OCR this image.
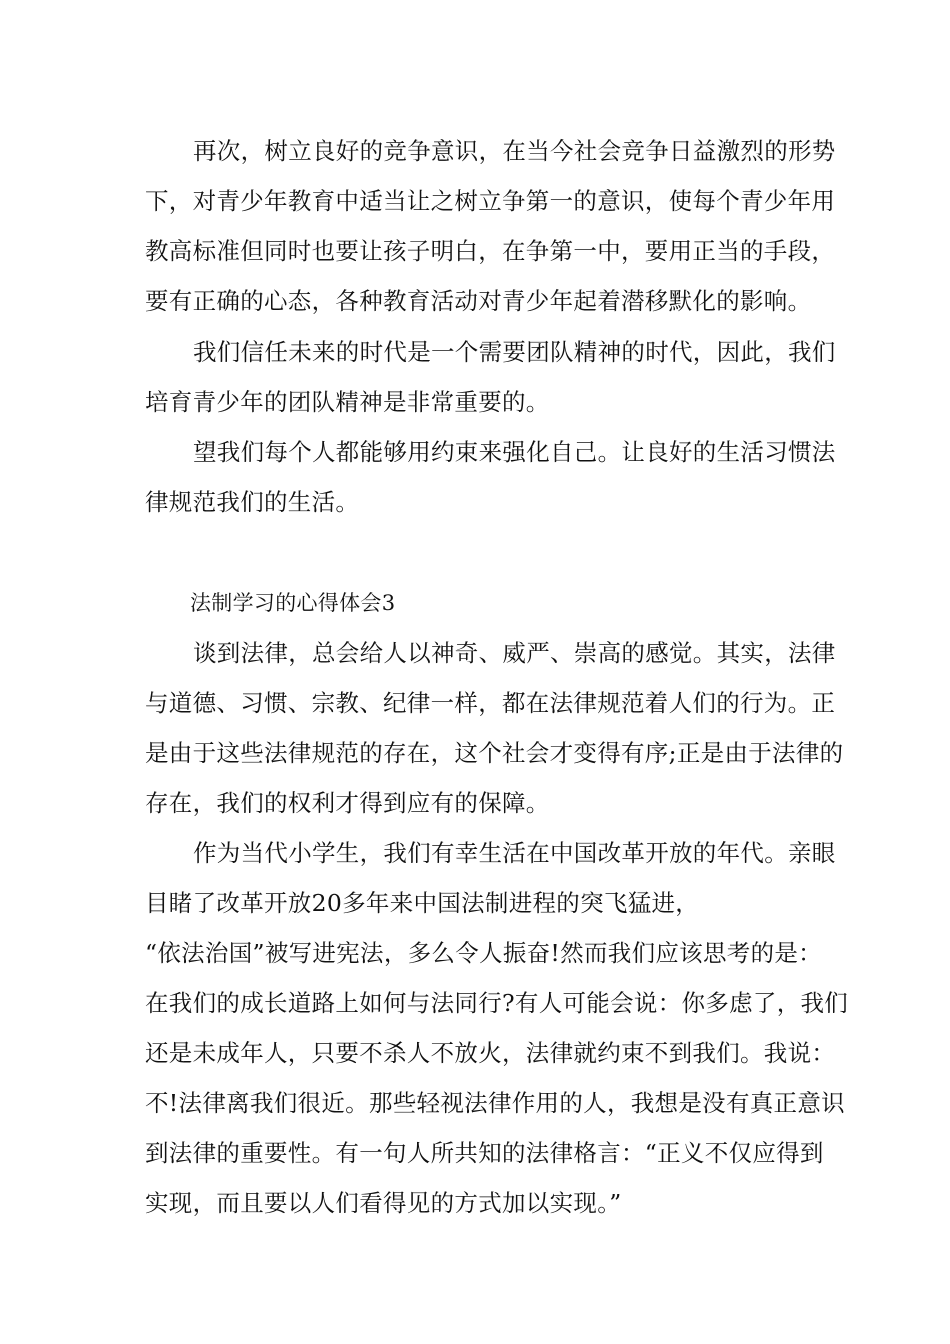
再次，树立良好的竞争意识，在当今社会竞争日益激烈的形势
下，对青少年教育中适当让之树立争第一的意识，使每个青少年用
教高标准但同时也要让孩子明白，在争第一中，要用正当的手段，
要有正确的心态，各种教育活动对青少年起着潜移默化的影响。
我们信任未来的时代是一个需要团队精神的时代，因此，我们
培育青少年的团队精神是非常重要的。
望我们每个人都能够用约束来强化自己。让良好的生活习惯法
律规范我们的生活。
法制学习的心得体会3
谈到法律，总会给人以神奇、威严、崇高的感觉。其实，法律
与道德、习惯、宗教、纪律一样，都在法律规范着人们的行为。正
是由于这些法律规范的存在，这个社会才变得有序;正是由于法律的
存在，我们的权利才得到应有的保障。
作为当代小学生，我们有幸生活在中国改革开放的年代。亲眼
目睹了改革开放20多年来中国法制进程的突飞猛进，
“依法治国”被写进宪法，多么令人振奋!然而我们应该思考的是：
在我们的成长道路上如何与法同行?有人可能会说：你多虑了，我们
还是未成年人，只要不杀人不放火，法律就约束不到我们。我说：
不!法律离我们很近。那些轻视法律作用的人，我想是没有真正意识
到法律的重要性。有一句人所共知的法律格言：“正义不仅应得到
实现，而且要以人们看得见的方式加以实现。”
